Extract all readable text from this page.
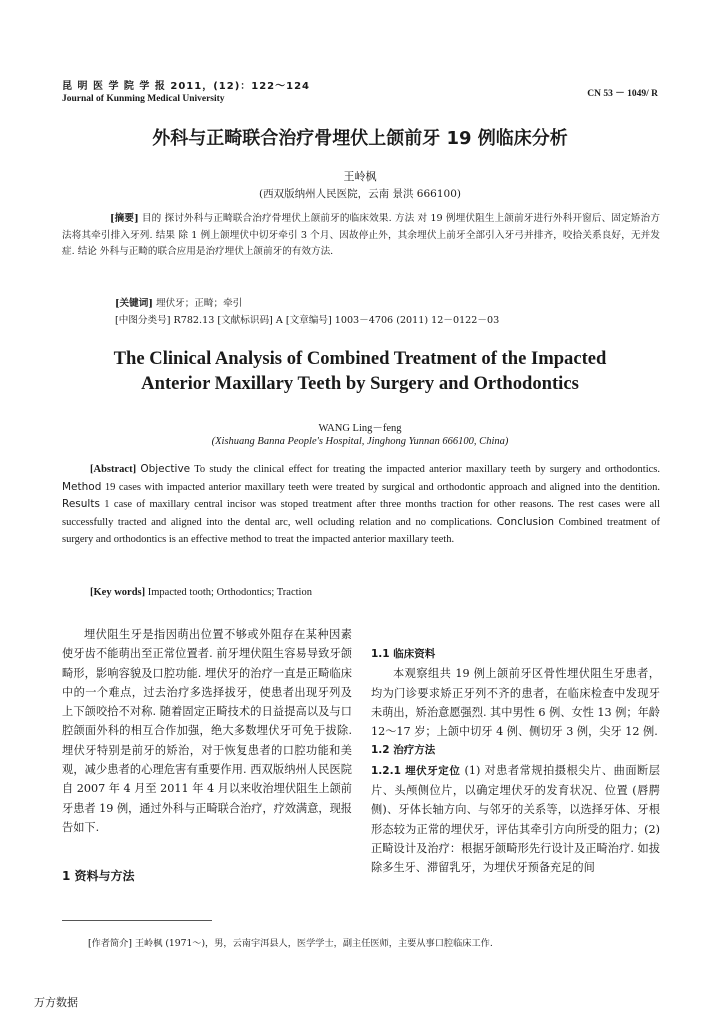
昆 明 医 学 院 学 报 2011，(12)：122～124
Journal of Kunming Medical University	CN 53 － 1049/ R
外科与正畸联合治疗骨埋伏上颌前牙 19 例临床分析
王岭枫
(西双版纳州人民医院，云南 景洪 666100)
[摘要] 目的 探讨外科与正畸联合治疗骨埋伏上颌前牙的临床效果. 方法 对 19 例埋伏阻生上颌前牙进行外科开窗后、固定矫治方法将其牵引排入牙列. 结果 除 1 例上颌埋伏中切牙牵引 3 个月、因故停止外，其余埋伏上前牙全部引入牙弓并排齐，咬拾关系良好，无并发症. 结论 外科与正畸的联合应用是治疗埋伏上颌前牙的有效方法.
[关键词] 埋伏牙；正畸；牵引
[中图分类号] R782.13 [文献标识码] A [文章编号] 1003－4706 (2011) 12－0122－03
The Clinical Analysis of Combined Treatment of the Impacted
Anterior Maxillary Teeth by Surgery and Orthodontics
WANG Ling－feng
(Xishuang Banna People's Hospital, Jinghong Yunnan 666100, China)
[Abstract] Objective To study the clinical effect for treating the impacted anterior maxillary teeth by surgery and orthodontics. Method 19 cases with impacted anterior maxillary teeth were treated by surgical and orthodontic approach and aligned into the dentition. Results 1 case of maxillary central incisor was stoped treatment after three months traction for other reasons. The rest cases were all successfully tracted and aligned into the dental arc, well ocluding relation and no complications. Conclusion Combined treatment of surgery and orthodontics is an effective method to treat the impacted anterior maxillary teeth.
[Key words] Impacted tooth; Orthodontics; Traction
埋伏阻生牙是指因萌出位置不够或外阻存在某种因素使牙齿不能萌出至正常位置者. 前牙埋伏阻生容易导致牙颌畸形，影响容貌及口腔功能. 埋伏牙的治疗一直是正畸临床中的一个难点，过去治疗多选择拔牙，使患者出现牙列及上下颌咬拾不对称. 随着固定正畸技术的日益提高以及与口腔颌面外科的相互合作加强，绝大多数埋伏牙可免于拔除. 埋伏牙特别是前牙的矫治，对于恢复患者的口腔功能和美观，减少患者的心理危害有重要作用. 西双版纳州人民医院自 2007 年 4 月至 2011 年 4 月以来收治埋伏阻生上颌前牙患者 19 例，通过外科与正畸联合治疗，疗效满意，现报告如下.
1 资料与方法
1.1 临床资料
本观察组共 19 例上颌前牙区骨性埋伏阻生牙患者，均为门诊要求矫正牙列不齐的患者，在临床检查中发现牙未萌出，矫治意愿强烈. 其中男性 6 例、女性 13 例；年龄 12～17 岁；上颌中切牙 4 例、侧切牙 3 例，尖牙 12 例.
1.2 治疗方法
1.2.1 埋伏牙定位 (1) 对患者常规拍摄根尖片、曲面断层片、头颅侧位片，以确定埋伏牙的发育状况、位置 (唇腭侧)、牙体长轴方向、与邻牙的关系等，以选择牙体、牙根形态较为正常的埋伏牙，评估其牵引方向所受的阻力；(2) 正畸设计及治疗：根据牙颌畸形先行设计及正畸治疗. 如拔除多生牙、滞留乳牙，为埋伏牙预备充足的间
[作者简介] 王岭枫 (1971～)，男，云南宇洱县人，医学学士，副主任医师，主要从事口腔临床工作.
万方数据
